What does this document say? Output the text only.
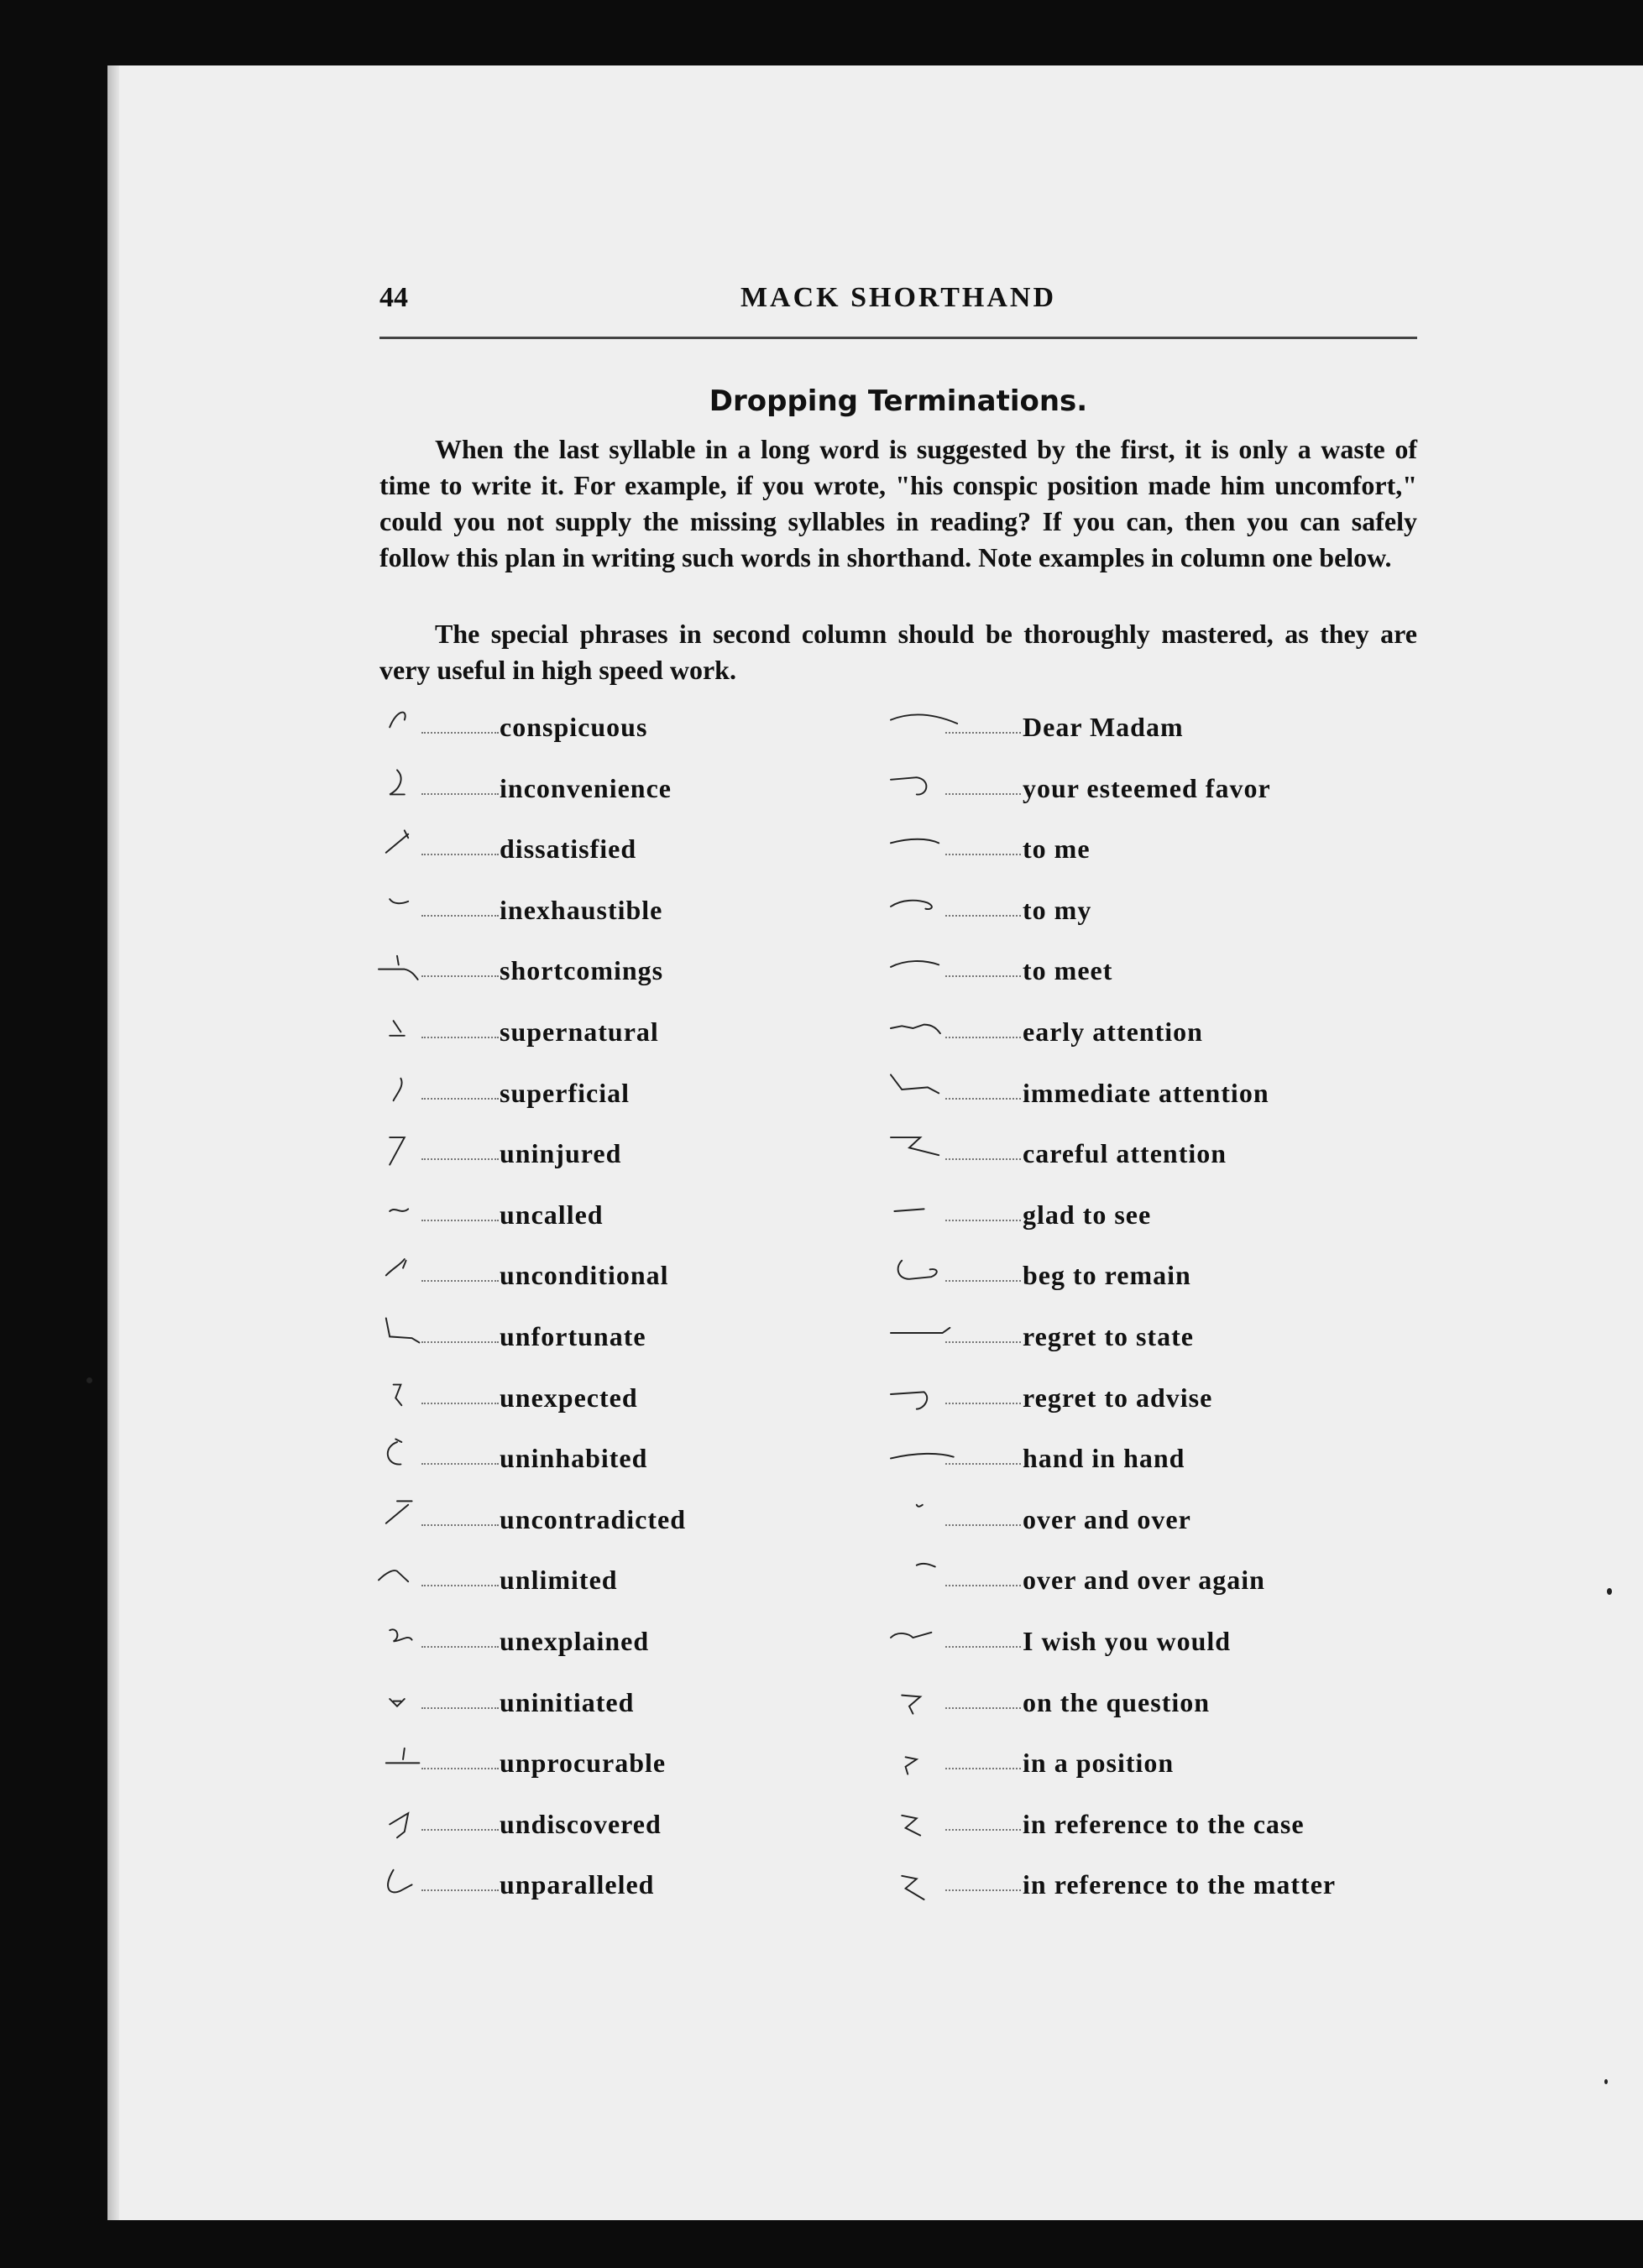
44	MACK SHORTHAND
Dropping Terminations.
When the last syllable in a long word is suggested by the first, it is only a waste of time to write it. For example, if you wrote, "his conspic position made him uncomfort," could you not supply the missing syllables in reading? If you can, then you can safely follow this plan in writing such words in shorthand. Note examples in column one below.
The special phrases in second column should be thoroughly mastered, as they are very useful in high speed work.
conspicuous
inconvenience
dissatisfied
inexhaustible
shortcomings
supernatural
superficial
uninjured
uncalled
unconditional
unfortunate
unexpected
uninhabited
uncontradicted
unlimited
unexplained
uninitiated
unprocurable
undiscovered
unparalleled
Dear Madam
your esteemed favor
to me
to my
to meet
early attention
immediate attention
careful attention
glad to see
beg to remain
regret to state
regret to advise
hand in hand
over and over
over and over again
I wish you would
on the question
in a position
in reference to the case
in reference to the matter
